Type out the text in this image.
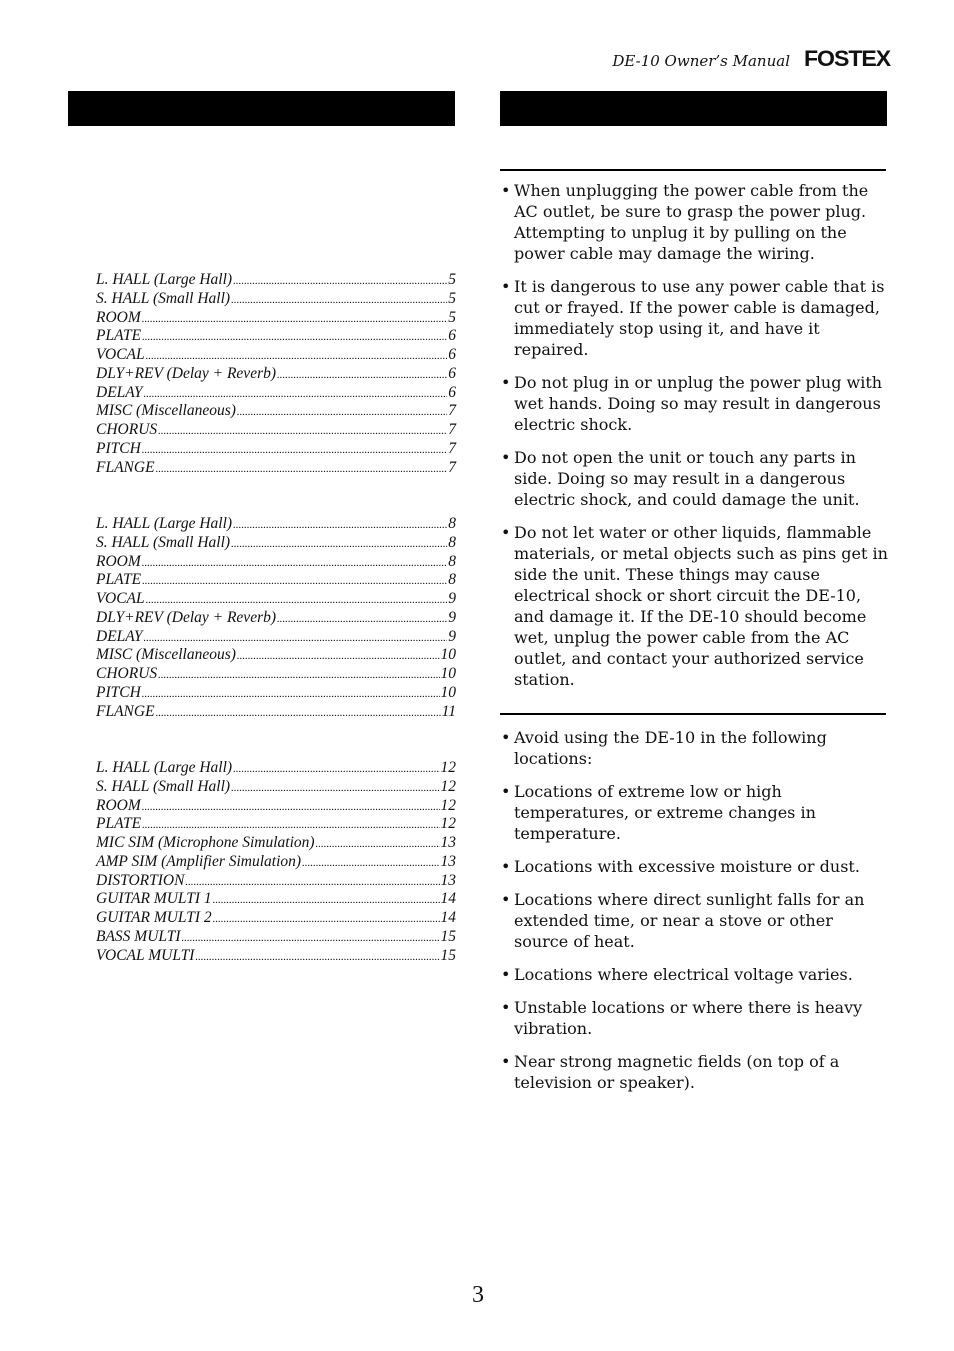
DE-10 Owner’s Manual FOSTEX
L. HALL (Large Hall) .....	5
S. HALL (Small Hall) .....	5
ROOM .....	5
PLATE .....	6
VOCAL .....	6
DLY+REV (Delay + Reverb) .....	6
DELAY .....	6
MISC (Miscellaneous) .....	7
CHORUS .....	7
PITCH .....	7
FLANGE .....	7
L. HALL (Large Hall) .....	8
S. HALL (Small Hall) .....	8
ROOM .....	8
PLATE .....	8
VOCAL .....	9
DLY+REV (Delay + Reverb) .....	9
DELAY .....	9
MISC (Miscellaneous) .....	10
CHORUS .....	10
PITCH .....	10
FLANGE .....	11
L. HALL (Large Hall) .....	12
S. HALL (Small Hall) .....	12
ROOM .....	12
PLATE .....	12
MIC SIM (Microphone Simulation) .....	13
AMP SIM (Amplifier Simulation) .....	13
DISTORTION .....	13
GUITAR MULTI 1 .....	14
GUITAR MULTI 2 .....	14
BASS MULTI .....	15
VOCAL MULTI .....	15

• When unplugging the power cable from the AC outlet, be sure to grasp the power plug. Attempting to unplug it by pulling on the power cable may damage the wiring.

• It is dangerous to use any power cable that is cut or frayed. If the power cable is damaged, immediately stop using it, and have it repaired.

• Do not plug in or unplug the power plug with wet hands. Doing so may result in dangerous electric shock.

• Do not open the unit or touch any parts in side. Doing so may result in a dangerous electric shock, and could damage the unit.

• Do not let water or other liquids, flammable materials, or metal objects such as pins get in side the unit. These things may cause electrical shock or short circuit the DE-10, and damage it. If the DE-10 should become wet, unplug the power cable from the AC outlet, and contact your authorized service station.

• Avoid using the DE-10 in the following locations:

• Locations of extreme low or high temperatures, or extreme changes in temperature.

• Locations with excessive moisture or dust.

• Locations where direct sunlight falls for an extended time, or near a stove or other source of heat.

• Locations where electrical voltage varies.

• Unstable locations or where there is heavy vibration.

• Near strong magnetic fields (on top of a television or speaker).

3
